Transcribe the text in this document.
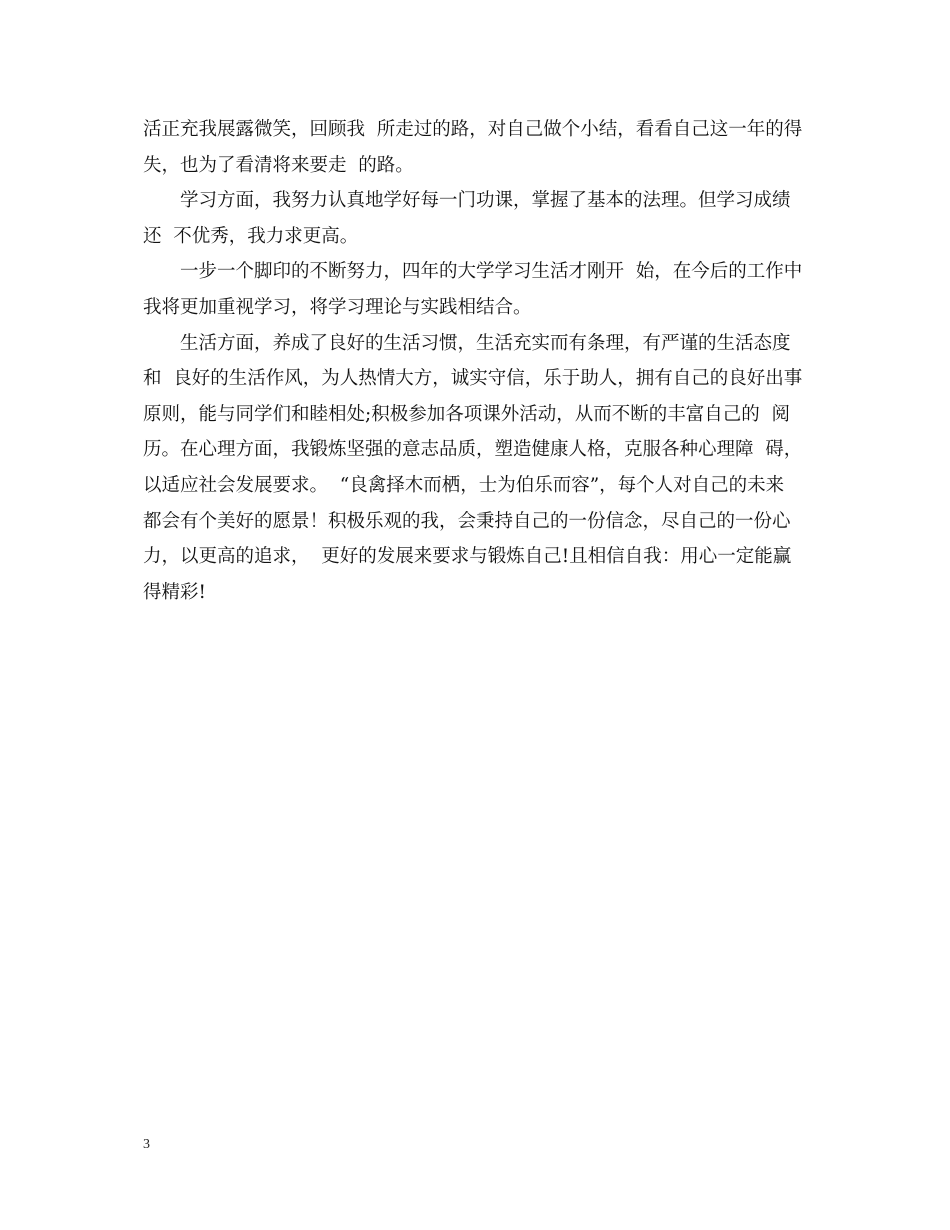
活正充我展露微笑，回顾我  所走过的路，对自己做个小结，看看自己这一年的得
失，也为了看清将来要走  的路。
学习方面，我努力认真地学好每一门功课，掌握了基本的法理。但学习成绩
还  不优秀，我力求更高。
一步一个脚印的不断努力，四年的大学学习生活才刚开  始，在今后的工作中
我将更加重视学习，将学习理论与实践相结合。
生活方面，养成了良好的生活习惯，生活充实而有条理，有严谨的生活态度
和  良好的生活作风，为人热情大方，诚实守信，乐于助人，拥有自己的良好出事
原则，能与同学们和睦相处;积极参加各项课外活动，从而不断的丰富自己的  阅
历。在心理方面，我锻炼坚强的意志品质，塑造健康人格，克服各种心理障  碍，
以适应社会发展要求。  “良禽择木而栖，士为伯乐而容”，每个人对自己的未来
都会有个美好的愿景！积极乐观的我，会秉持自己的一份信念，尽自己的一份心
力，以更高的追求，  更好的发展来要求与锻炼自己!且相信自我：用心一定能赢
得精彩!
3
